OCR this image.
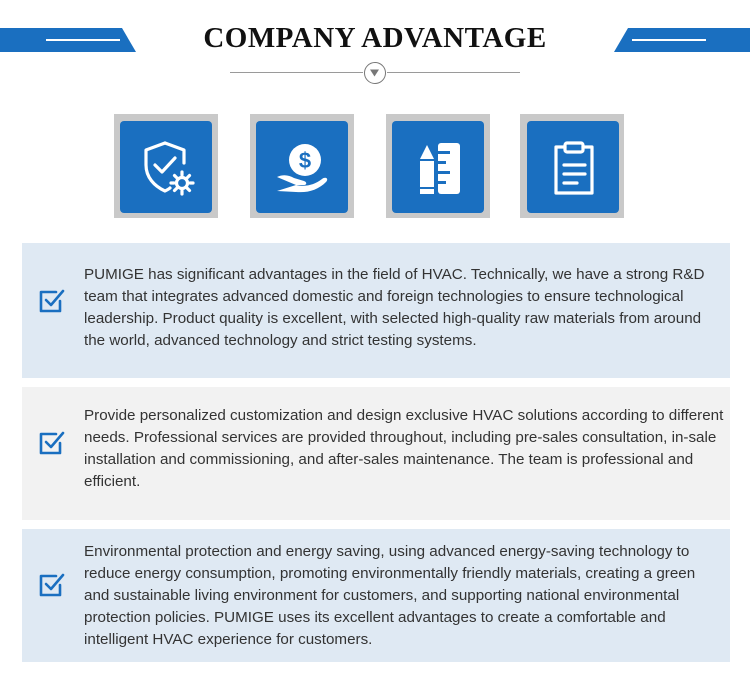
COMPANY ADVANTAGE
$
PUMIGE has significant advantages in the field of HVAC. Technically, we have a strong R&D team that integrates advanced domestic and foreign technologies to ensure technological leadership. Product quality is excellent, with selected high-quality raw materials from around the world, advanced technology and strict testing systems.
Provide personalized customization and design exclusive HVAC solutions according to different needs. Professional services are provided throughout, including pre-sales consultation, in-sale installation and commissioning, and after-sales maintenance. The team is professional and efficient.
Environmental protection and energy saving, using advanced energy-saving technology to reduce energy consumption, promoting environmentally friendly materials, creating a green and sustainable living environment for customers, and supporting national environmental protection policies. PUMIGE uses its excellent advantages to create a comfortable and intelligent HVAC experience for customers.
